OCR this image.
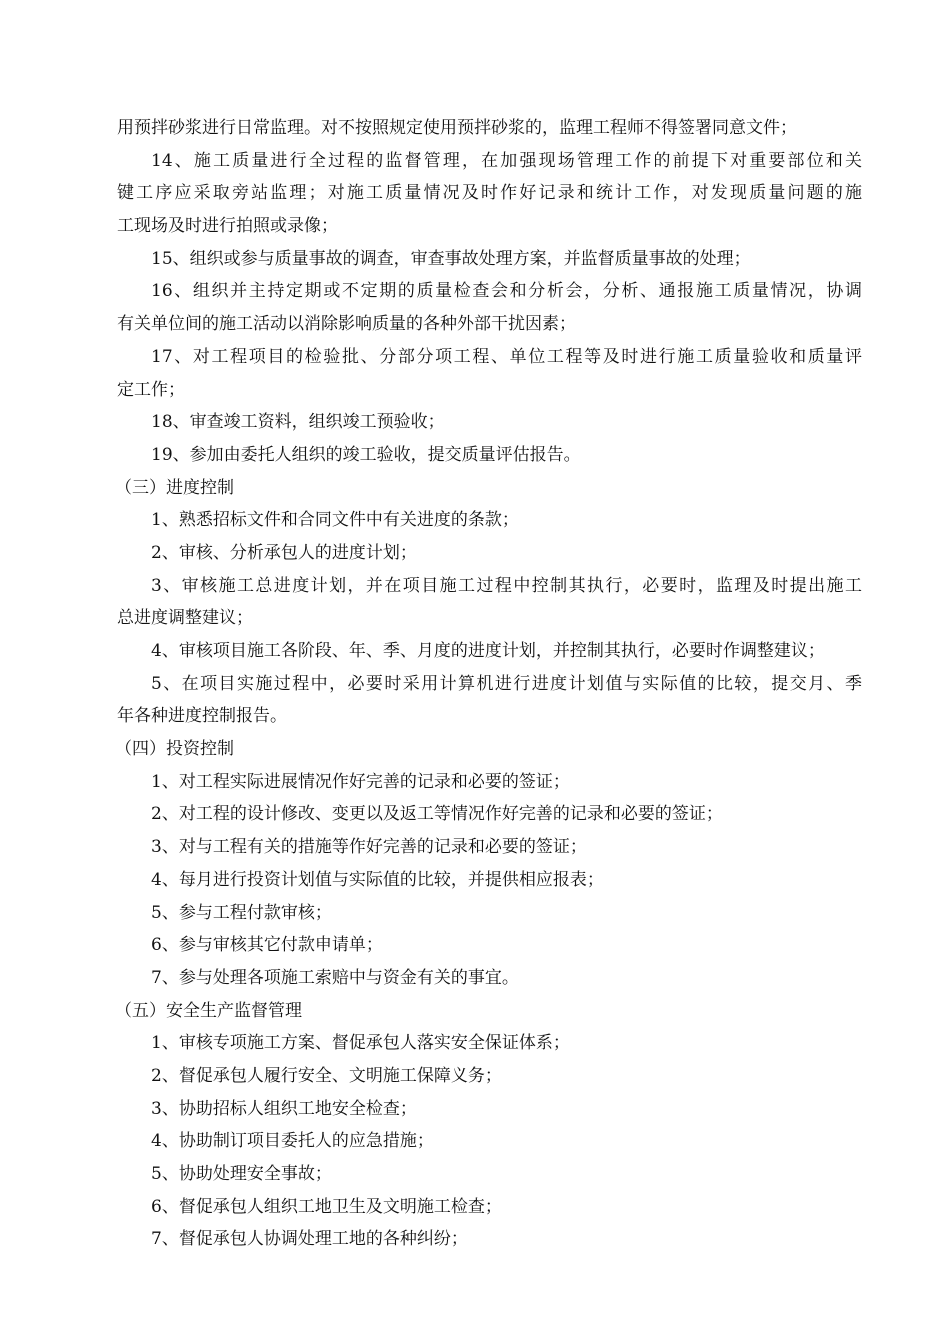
用预拌砂浆进行日常监理。对不按照规定使用预拌砂浆的，监理工程师不得签署同意文件；
14、施工质量进行全过程的监督管理，在加强现场管理工作的前提下对重要部位和关
键工序应采取旁站监理；对施工质量情况及时作好记录和统计工作，对发现质量问题的施
工现场及时进行拍照或录像；
15、组织或参与质量事故的调查，审查事故处理方案，并监督质量事故的处理；
16、组织并主持定期或不定期的质量检查会和分析会，分析、通报施工质量情况，协调
有关单位间的施工活动以消除影响质量的各种外部干扰因素；
17、对工程项目的检验批、分部分项工程、单位工程等及时进行施工质量验收和质量评
定工作；
18、审查竣工资料，组织竣工预验收；
19、参加由委托人组织的竣工验收，提交质量评估报告。
（三）进度控制
1、熟悉招标文件和合同文件中有关进度的条款；
2、审核、分析承包人的进度计划；
3、审核施工总进度计划，并在项目施工过程中控制其执行，必要时，监理及时提出施工
总进度调整建议；
4、审核项目施工各阶段、年、季、月度的进度计划，并控制其执行，必要时作调整建议；
5、在项目实施过程中，必要时采用计算机进行进度计划值与实际值的比较，提交月、季
年各种进度控制报告。
（四）投资控制
1、对工程实际进展情况作好完善的记录和必要的签证；
2、对工程的设计修改、变更以及返工等情况作好完善的记录和必要的签证；
3、对与工程有关的措施等作好完善的记录和必要的签证；
4、每月进行投资计划值与实际值的比较，并提供相应报表；
5、参与工程付款审核；
6、参与审核其它付款申请单；
7、参与处理各项施工索赔中与资金有关的事宜。
（五）安全生产监督管理
1、审核专项施工方案、督促承包人落实安全保证体系；
2、督促承包人履行安全、文明施工保障义务；
3、协助招标人组织工地安全检查；
4、协助制订项目委托人的应急措施；
5、协助处理安全事故；
6、督促承包人组织工地卫生及文明施工检查；
7、督促承包人协调处理工地的各种纠纷；
